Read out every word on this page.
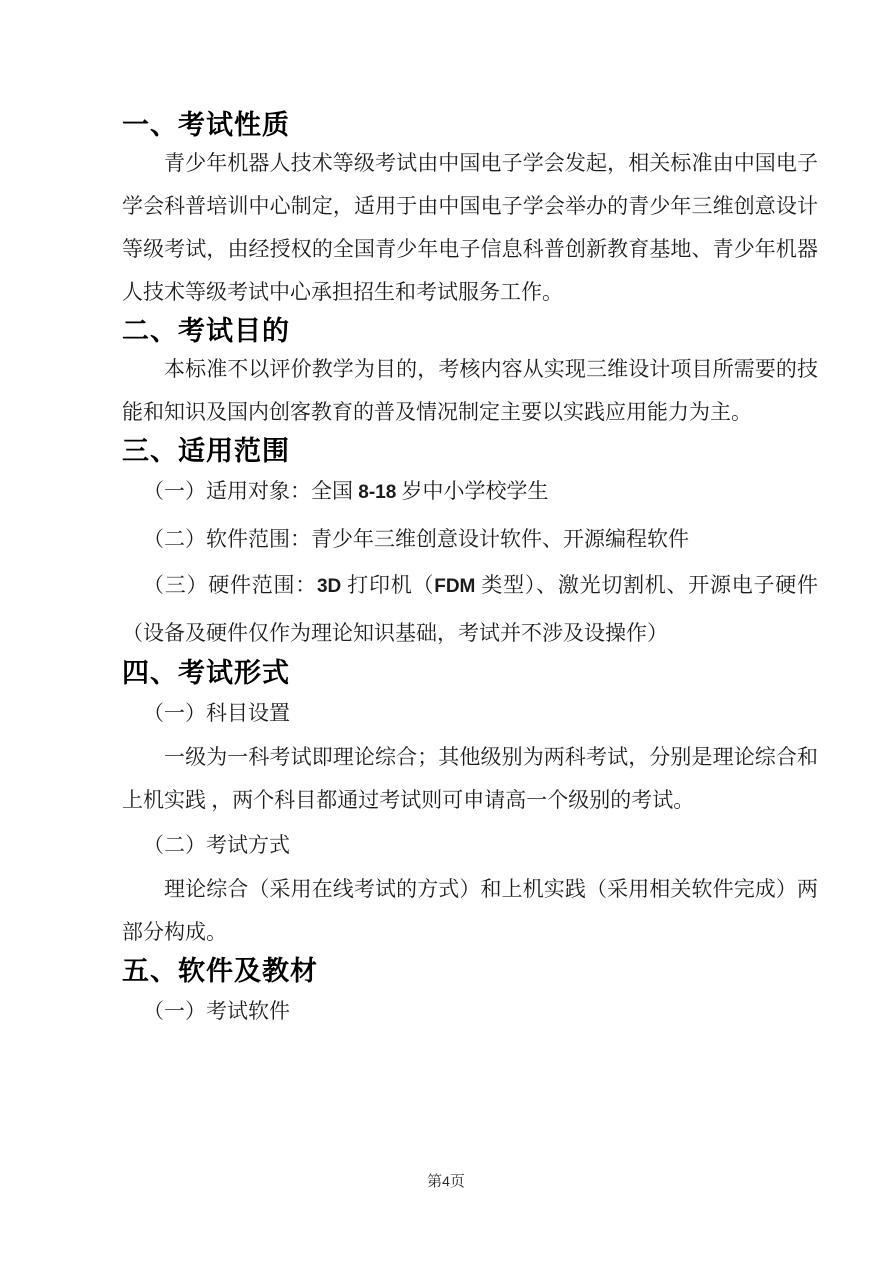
一、考试性质

青少年机器人技术等级考试由中国电子学会发起，相关标准由中国电子学会科普培训中心制定，适用于由中国电子学会举办的青少年三维创意设计等级考试，由经授权的全国青少年电子信息科普创新教育基地、青少年机器人技术等级考试中心承担招生和考试服务工作。

二、考试目的

本标准不以评价教学为目的，考核内容从实现三维设计项目所需要的技能和知识及国内创客教育的普及情况制定主要以实践应用能力为主。

三、适用范围

（一）适用对象：全国 8-18 岁中小学校学生

（二）软件范围：青少年三维创意设计软件、开源编程软件

（三）硬件范围：3D 打印机（FDM 类型）、激光切割机、开源电子硬件（设备及硬件仅作为理论知识基础，考试并不涉及设操作）

四、考试形式

（一）科目设置

一级为一科考试即理论综合；其他级别为两科考试，分别是理论综合和上机实践 ，两个科目都通过考试则可申请高一个级别的考试。

（二）考试方式

理论综合（采用在线考试的方式）和上机实践（采用相关软件完成）两部分构成。

五、软件及教材

（一）考试软件

第4页
